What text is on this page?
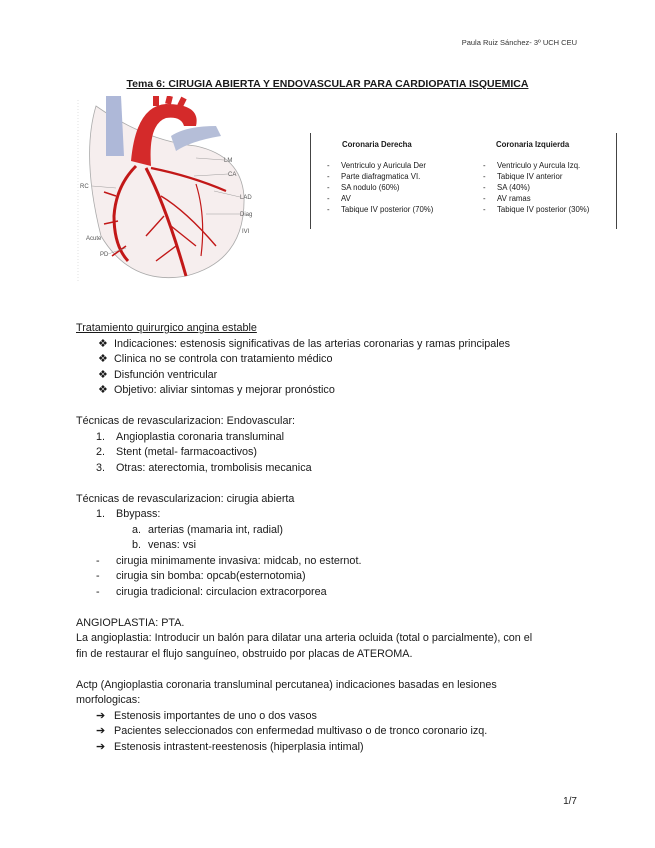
Paula Ruiz Sánchez- 3º UCH CEU
Tema 6: CIRUGIA ABIERTA Y ENDOVASCULAR PARA CARDIOPATIA ISQUEMICA
LM
CA
LAD
Diag
IVI
RC
Acute
PD
Coronaria Derecha	Coronaria Izquierda
- Ventriculo y Auricula Der
- Parte diafragmatica VI.
- SA nodulo (60%)
- AV
- Tabique IV posterior (70%)
- Ventriculo y Aurcula Izq.
- Tabique IV anterior
- SA (40%)
- AV ramas
- Tabique IV posterior (30%)

Tratamiento quirurgico angina estable

❖ Indicaciones: estenosis significativas de las arterias coronarias y ramas principales

❖ Clinica no se controla con tratamiento médico

❖ Disfunción ventricular

❖ Objetivo: aliviar sintomas y mejorar pronóstico

Técnicas de revascularizacion: Endovascular:

1. Angioplastia coronaria transluminal

2. Stent (metal- farmacoactivos)

3. Otras: aterectomia, trombolisis mecanica

Técnicas de revascularizacion: cirugia abierta

1. Bbypass:

a. arterias (mamaria int, radial)

b. venas: vsi

- cirugia minimamente invasiva: midcab, no esternot.

- cirugia sin bomba: opcab(esternotomia)

- cirugia tradicional: circulacion extracorporea

ANGIOPLASTIA: PTA.

La angioplastia: Introducir un balón para dilatar una arteria ocluida (total o parcialmente), con el

fin de restaurar el flujo sanguíneo, obstruido por placas de ATEROMA.

Actp (Angioplastia coronaria transluminal percutanea) indicaciones basadas en lesiones

morfologicas:

➔ Estenosis importantes de uno o dos vasos

➔ Pacientes seleccionados con enfermedad multivaso o de tronco coronario izq.

➔ Estenosis intrastent-reestenosis (hiperplasia intimal)

1/7
